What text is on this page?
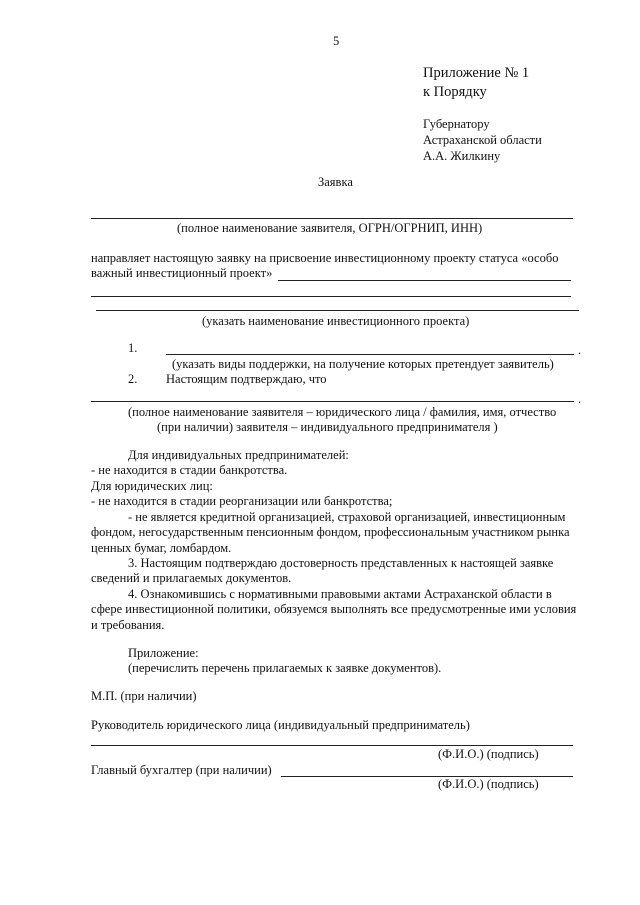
5
Приложение № 1
к Порядку
Губернатору
Астраханской области
А.А. Жилкину
Заявка
(полное наименование заявителя, ОГРН/ОГРНИП, ИНН)
направляет настоящую заявку на присвоение инвестиционному проекту статуса «особо
важный инвестиционный проект»
(указать наименование инвестиционного проекта)
1.	.
(указать виды поддержки, на получение которых претендует заявитель)
2. Настоящим подтверждаю, что
.
(полное наименование заявителя – юридического лица / фамилия, имя, отчество
(при наличии) заявителя – индивидуального предпринимателя )
Для индивидуальных предпринимателей:
- не находится в стадии банкротства.
Для юридических лиц:
- не находится в стадии реорганизации или банкротства;
- не является кредитной организацией, страховой организацией, инвестиционным
фондом, негосударственным пенсионным фондом, профессиональным участником рынка
ценных бумаг, ломбардом.
3. Настоящим подтверждаю достоверность представленных к настоящей заявке
сведений и прилагаемых документов.
4. Ознакомившись с нормативными правовыми актами Астраханской области в
сфере инвестиционной политики, обязуемся выполнять все предусмотренные ими условия
и требования.
Приложение:
(перечислить перечень прилагаемых к заявке документов).
М.П. (при наличии)
Руководитель юридического лица (индивидуальный предприниматель)
(Ф.И.О.) (подпись)
Главный бухгалтер (при наличии)
(Ф.И.О.) (подпись)
